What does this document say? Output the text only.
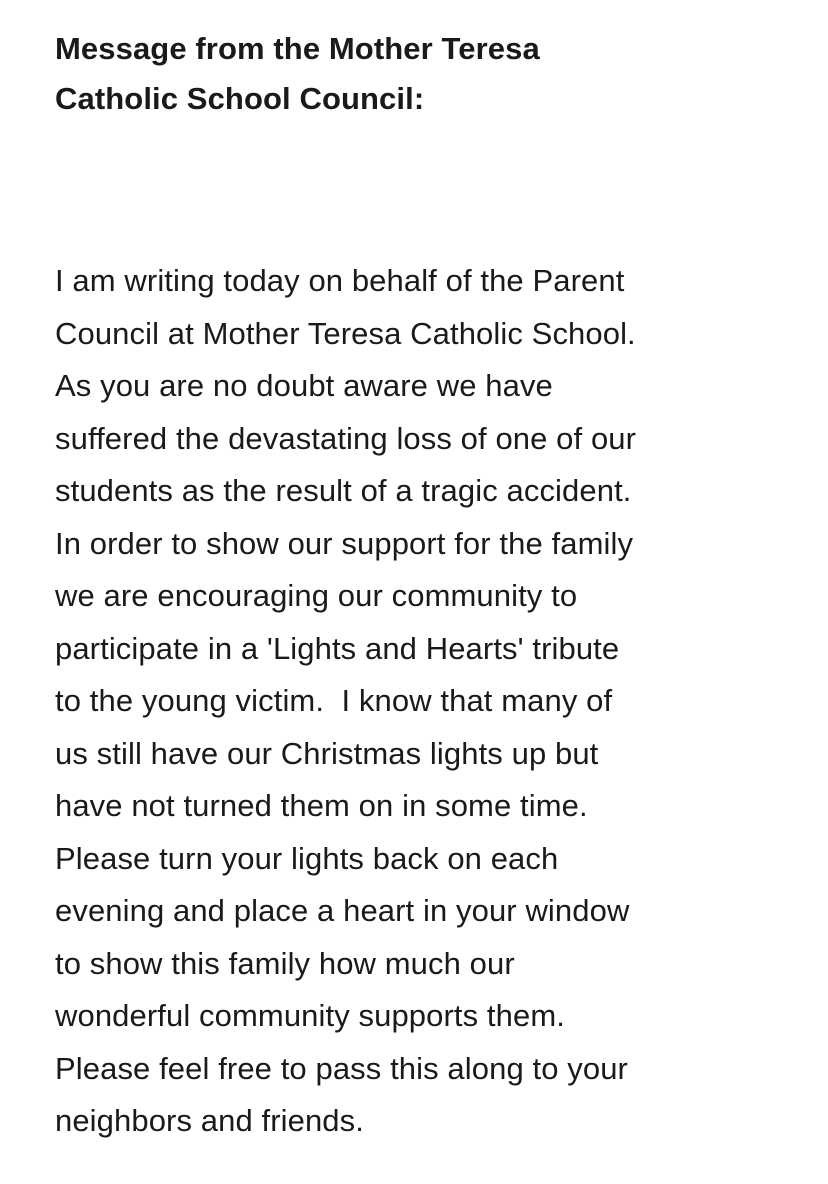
Message from the Mother Teresa
Catholic School Council:
I am writing today on behalf of the Parent
Council at Mother Teresa Catholic School.
As you are no doubt aware we have
suffered the devastating loss of one of our
students as the result of a tragic accident.
In order to show our support for the family
we are encouraging our community to
participate in a 'Lights and Hearts' tribute
to the young victim.  I know that many of
us still have our Christmas lights up but
have not turned them on in some time.
Please turn your lights back on each
evening and place a heart in your window
to show this family how much our
wonderful community supports them.
Please feel free to pass this along to your
neighbors and friends.
